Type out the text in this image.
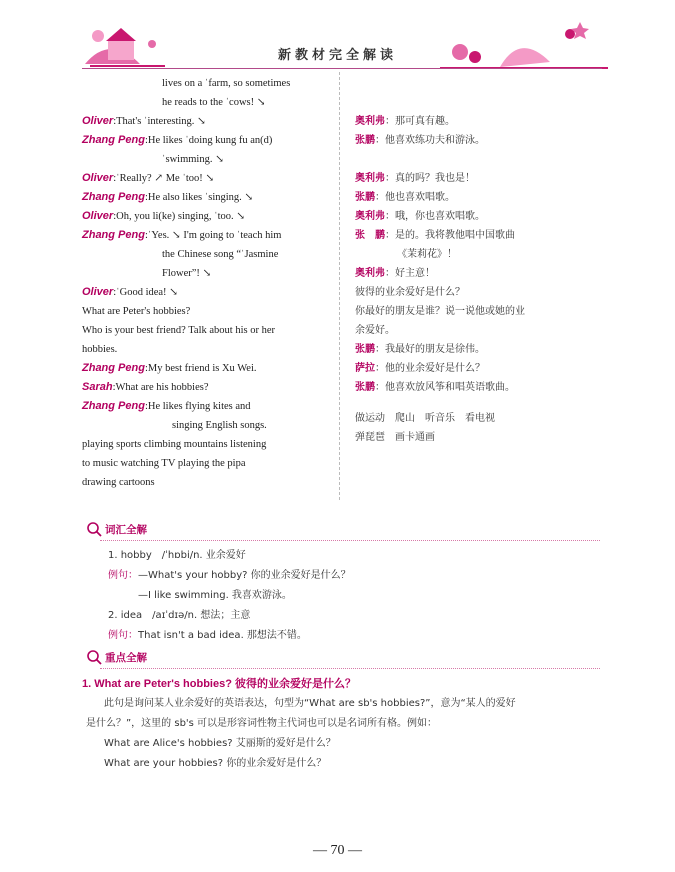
新教材完全解读
lives on a ˈfarm, so sometimes
he reads to the ˈcows! ↘
Oliver:That's ˈinteresting. ↘
Zhang Peng:He likes ˈdoing kung fu an(d)
ˈswimming. ↘
Oliver:ˈReally? ↗ Me ˈtoo! ↘
Zhang Peng:He also likes ˈsinging. ↘
Oliver:Oh, you li(ke) singing, ˈtoo. ↘
Zhang Peng:ˈYes. ↘ I'm going to ˈteach him
the Chinese song “ˈJasmine
Flower”! ↘
Oliver:ˈGood idea! ↘
What are Peter's hobbies?
Who is your best friend? Talk about his or her
hobbies.
Zhang Peng:My best friend is Xu Wei.
Sarah:What are his hobbies?
Zhang Peng:He likes flying kites and
singing English songs.
playing sports climbing mountains listening
to music watching TV playing the pipa
drawing cartoons
奥利弗：那可真有趣。
张鹏：他喜欢练功夫和游泳。
奥利弗：真的吗？我也是！
张鹏：他也喜欢唱歌。
奥利弗：哦，你也喜欢唱歌。
张　鹏：是的。我将教他唱中国歌曲
《茉莉花》！
奥利弗：好主意！
彼得的业余爱好是什么？
你最好的朋友是谁？说一说他或她的业
余爱好。
张鹏：我最好的朋友是徐伟。
萨拉：他的业余爱好是什么？
张鹏：他喜欢放风筝和唱英语歌曲。
做运动　爬山　听音乐　看电视
弹琵琶　画卡通画
词汇全解
1. hobby　/ˈhɒbi/n. 业余爱好
例句：—What's your hobby? 你的业余爱好是什么？
—I like swimming. 我喜欢游泳。
2. idea　/aɪˈdɪə/n. 想法；主意
例句：That isn't a bad idea. 那想法不错。
重点全解
1. What are Peter's hobbies? 彼得的业余爱好是什么？
此句是询问某人业余爱好的英语表达，句型为“What are sb's hobbies?”，意为“某人的爱好
是什么？”，这里的 sb's 可以是形容词性物主代词也可以是名词所有格。例如：
What are Alice's hobbies? 艾丽斯的爱好是什么？
What are your hobbies? 你的业余爱好是什么？
— 70 —
